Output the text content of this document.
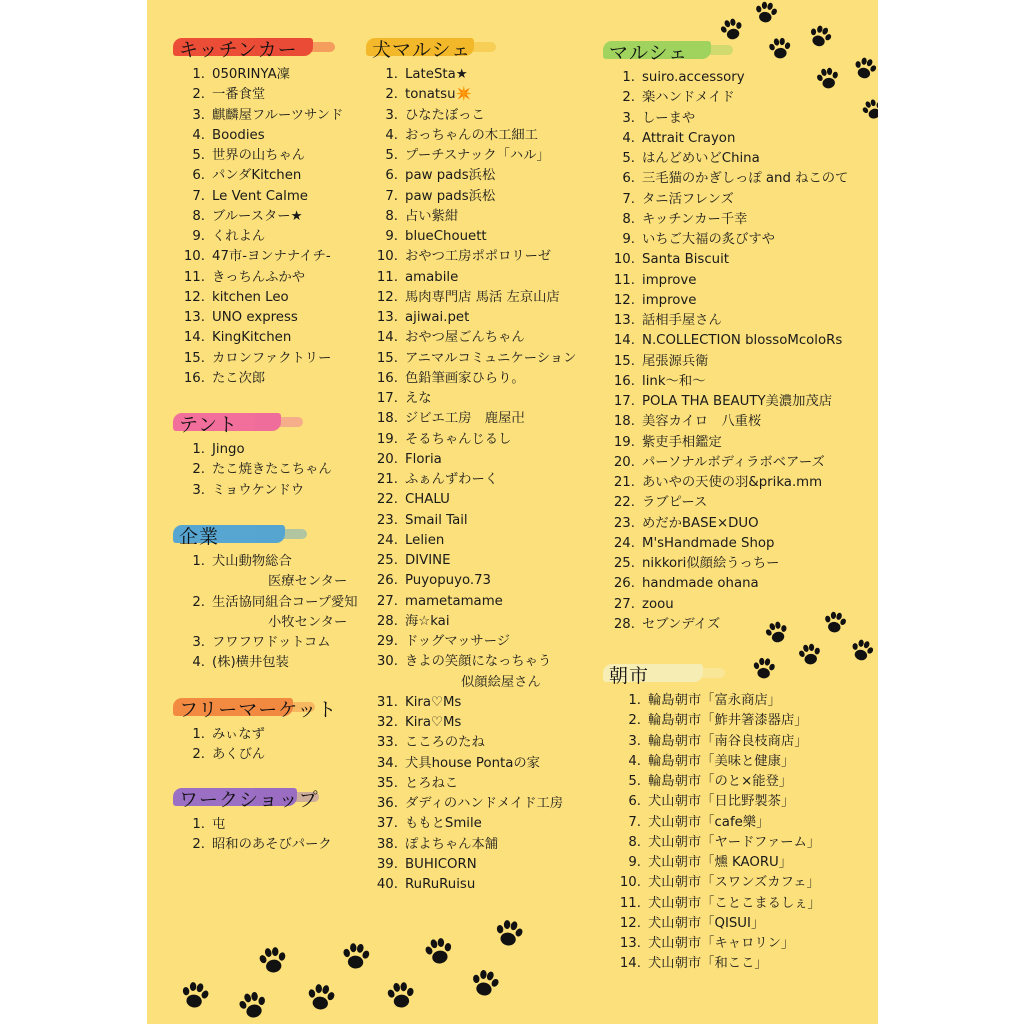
キッチンカー
1. 050RINYA凜
2. 一番食堂
3. 麒麟屋フルーツサンド
4. Boodies
5. 世界の山ちゃん
6. パンダKitchen
7. Le Vent Calme
8. ブルースター★
9. くれよん
10. 47市-ヨンナナイチ-
11. きっちんふかや
12. kitchen Leo
13. UNO express
14. KingKitchen
15. カロンファクトリー
16. たこ次郎
テント
1. Jingo
2. たこ焼きたこちゃん
3. ミョウケンドウ
企業
1. 犬山動物総合
医療センター
2. 生活協同組合コープ愛知
小牧センター
3. フワフワドットコム
4. (株)横井包装
フリーマーケット
1. みぃなず
2. あくびん
ワークショップ
1. 屯
2. 昭和のあそびパーク
犬マルシェ
1. LateSta★
2. tonatsu✴️
3. ひなたぼっこ
4. おっちゃんの木工細工
5. プーチスナック「ハル」
6. paw pads浜松
7. paw pads浜松
8. 占い紫紺
9. blueChouett
10. おやつ工房ポポロリーゼ
11. amabile
12. 馬肉専門店 馬活 左京山店
13. ajiwai.pet
14. おやつ屋ごんちゃん
15. アニマルコミュニケーション
16. 色鉛筆画家ひらり。
17. えな
18. ジビエ工房　鹿屋卍
19. そるちゃんじるし
20. Floria
21. ふぁんずわーく
22. CHALU
23. Smail Tail
24. Lelien
25. DIVINE
26. Puyopuyo.73
27. mametamame
28. 海☆kai
29. ドッグマッサージ
30. きよの笑顔になっちゃう
似顔絵屋さん
31. Kira♡Ms
32. Kira♡Ms
33. こころのたね
34. 犬具house Pontaの家
35. とろねこ
36. ダディのハンドメイド工房
37. ももとSmile
38. ぽよちゃん本舗
39. BUHICORN
40. RuRuRuisu
マルシェ
1. suiro.accessory
2. 楽ハンドメイド
3. しーまや
4. Attrait Crayon
5. はんどめいどChina
6. 三毛猫のかぎしっぽ and ねこのて
7. タニ活フレンズ
8. キッチンカー千幸
9. いちご大福の炙びすや
10. Santa Biscuit
11. improve
12. improve
13. 話相手屋さん
14. N.COLLECTION blossoMcoloRs
15. 尾張源兵衛
16. link〜和〜
17. POLA THA BEAUTY美濃加茂店
18. 美容カイロ　八重桜
19. 紫吏手相鑑定
20. パーソナルボディラボベアーズ
21. あいやの天使の羽&prika.mm
22. ラブピース
23. めだかBASE×DUO
24. M'sHandmade Shop
25. nikkori似顔絵うっちー
26. handmade ohana
27. zoou
28. セブンデイズ
朝市
1. 輪島朝市「富永商店」
2. 輪島朝市「鮓井箸漆器店」
3. 輪島朝市「南谷良枝商店」
4. 輪島朝市「美味と健康」
5. 輪島朝市「のと×能登」
6. 犬山朝市「日比野製茶」
7. 犬山朝市「cafe樂」
8. 犬山朝市「ヤードファーム」
9. 犬山朝市「燻 KAORU」
10. 犬山朝市「スワンズカフェ」
11. 犬山朝市「ことこまるしぇ」
12. 犬山朝市「QISUI」
13. 犬山朝市「キャロリン」
14. 犬山朝市「和ここ」
